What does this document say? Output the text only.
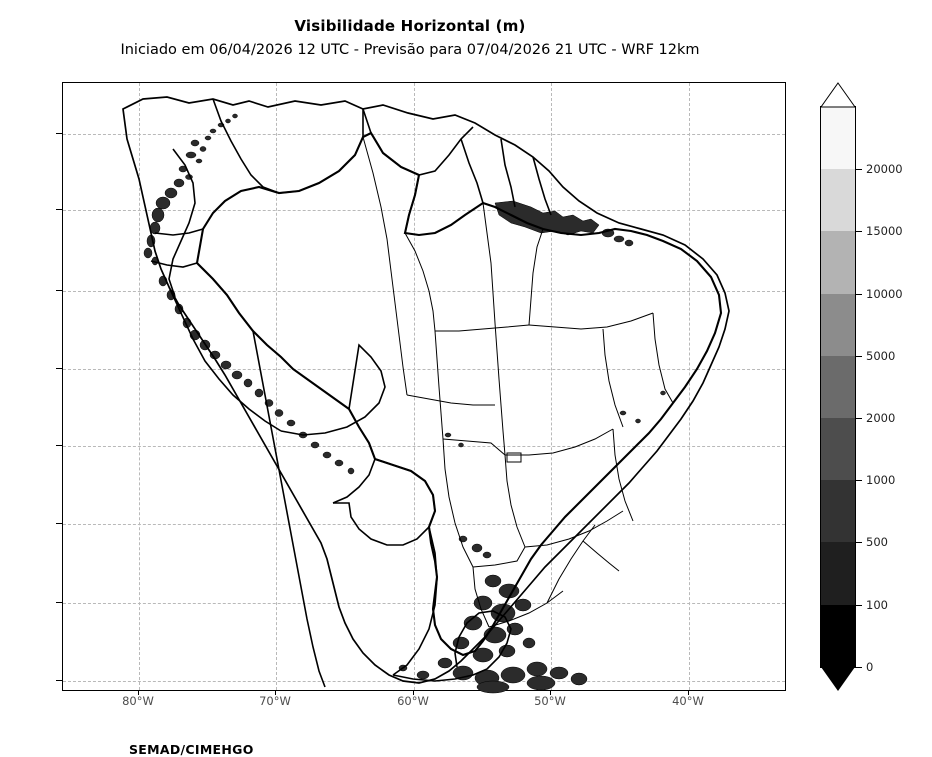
Visibilidade Horizontal (m)
Iniciado em 06/04/2026 12 UTC - Previsão para 07/04/2026 21 UTC - WRF 12km
80°W	70°W	60°W	50°W	40°W
SEMAD/CIMEHGO
0
100
500
1000
2000
5000
10000
15000
20000
